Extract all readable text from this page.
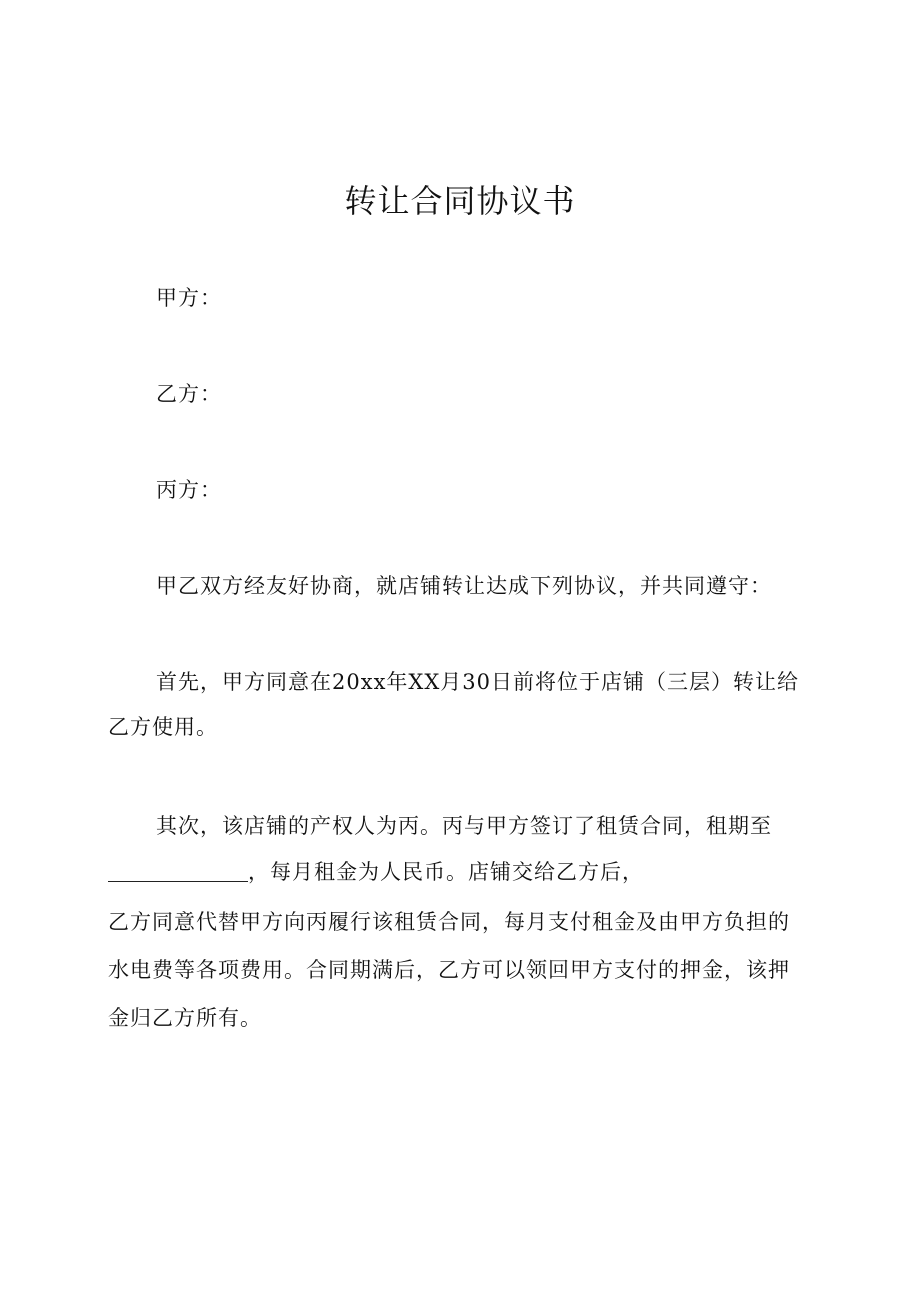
转让合同协议书
甲方：
乙方：
丙方：
甲乙双方经友好协商，就店铺转让达成下列协议，并共同遵守：
首先，甲方同意在20xx年XX月30日前将位于店铺（三层）转让给乙方使用。
其次，该店铺的产权人为丙。丙与甲方签订了租赁合同，租期至
，每月租金为人民币。店铺交给乙方后，
乙方同意代替甲方向丙履行该租赁合同，每月支付租金及由甲方负担的水电费等各项费用。合同期满后，乙方可以领回甲方支付的押金，该押金归乙方所有。
